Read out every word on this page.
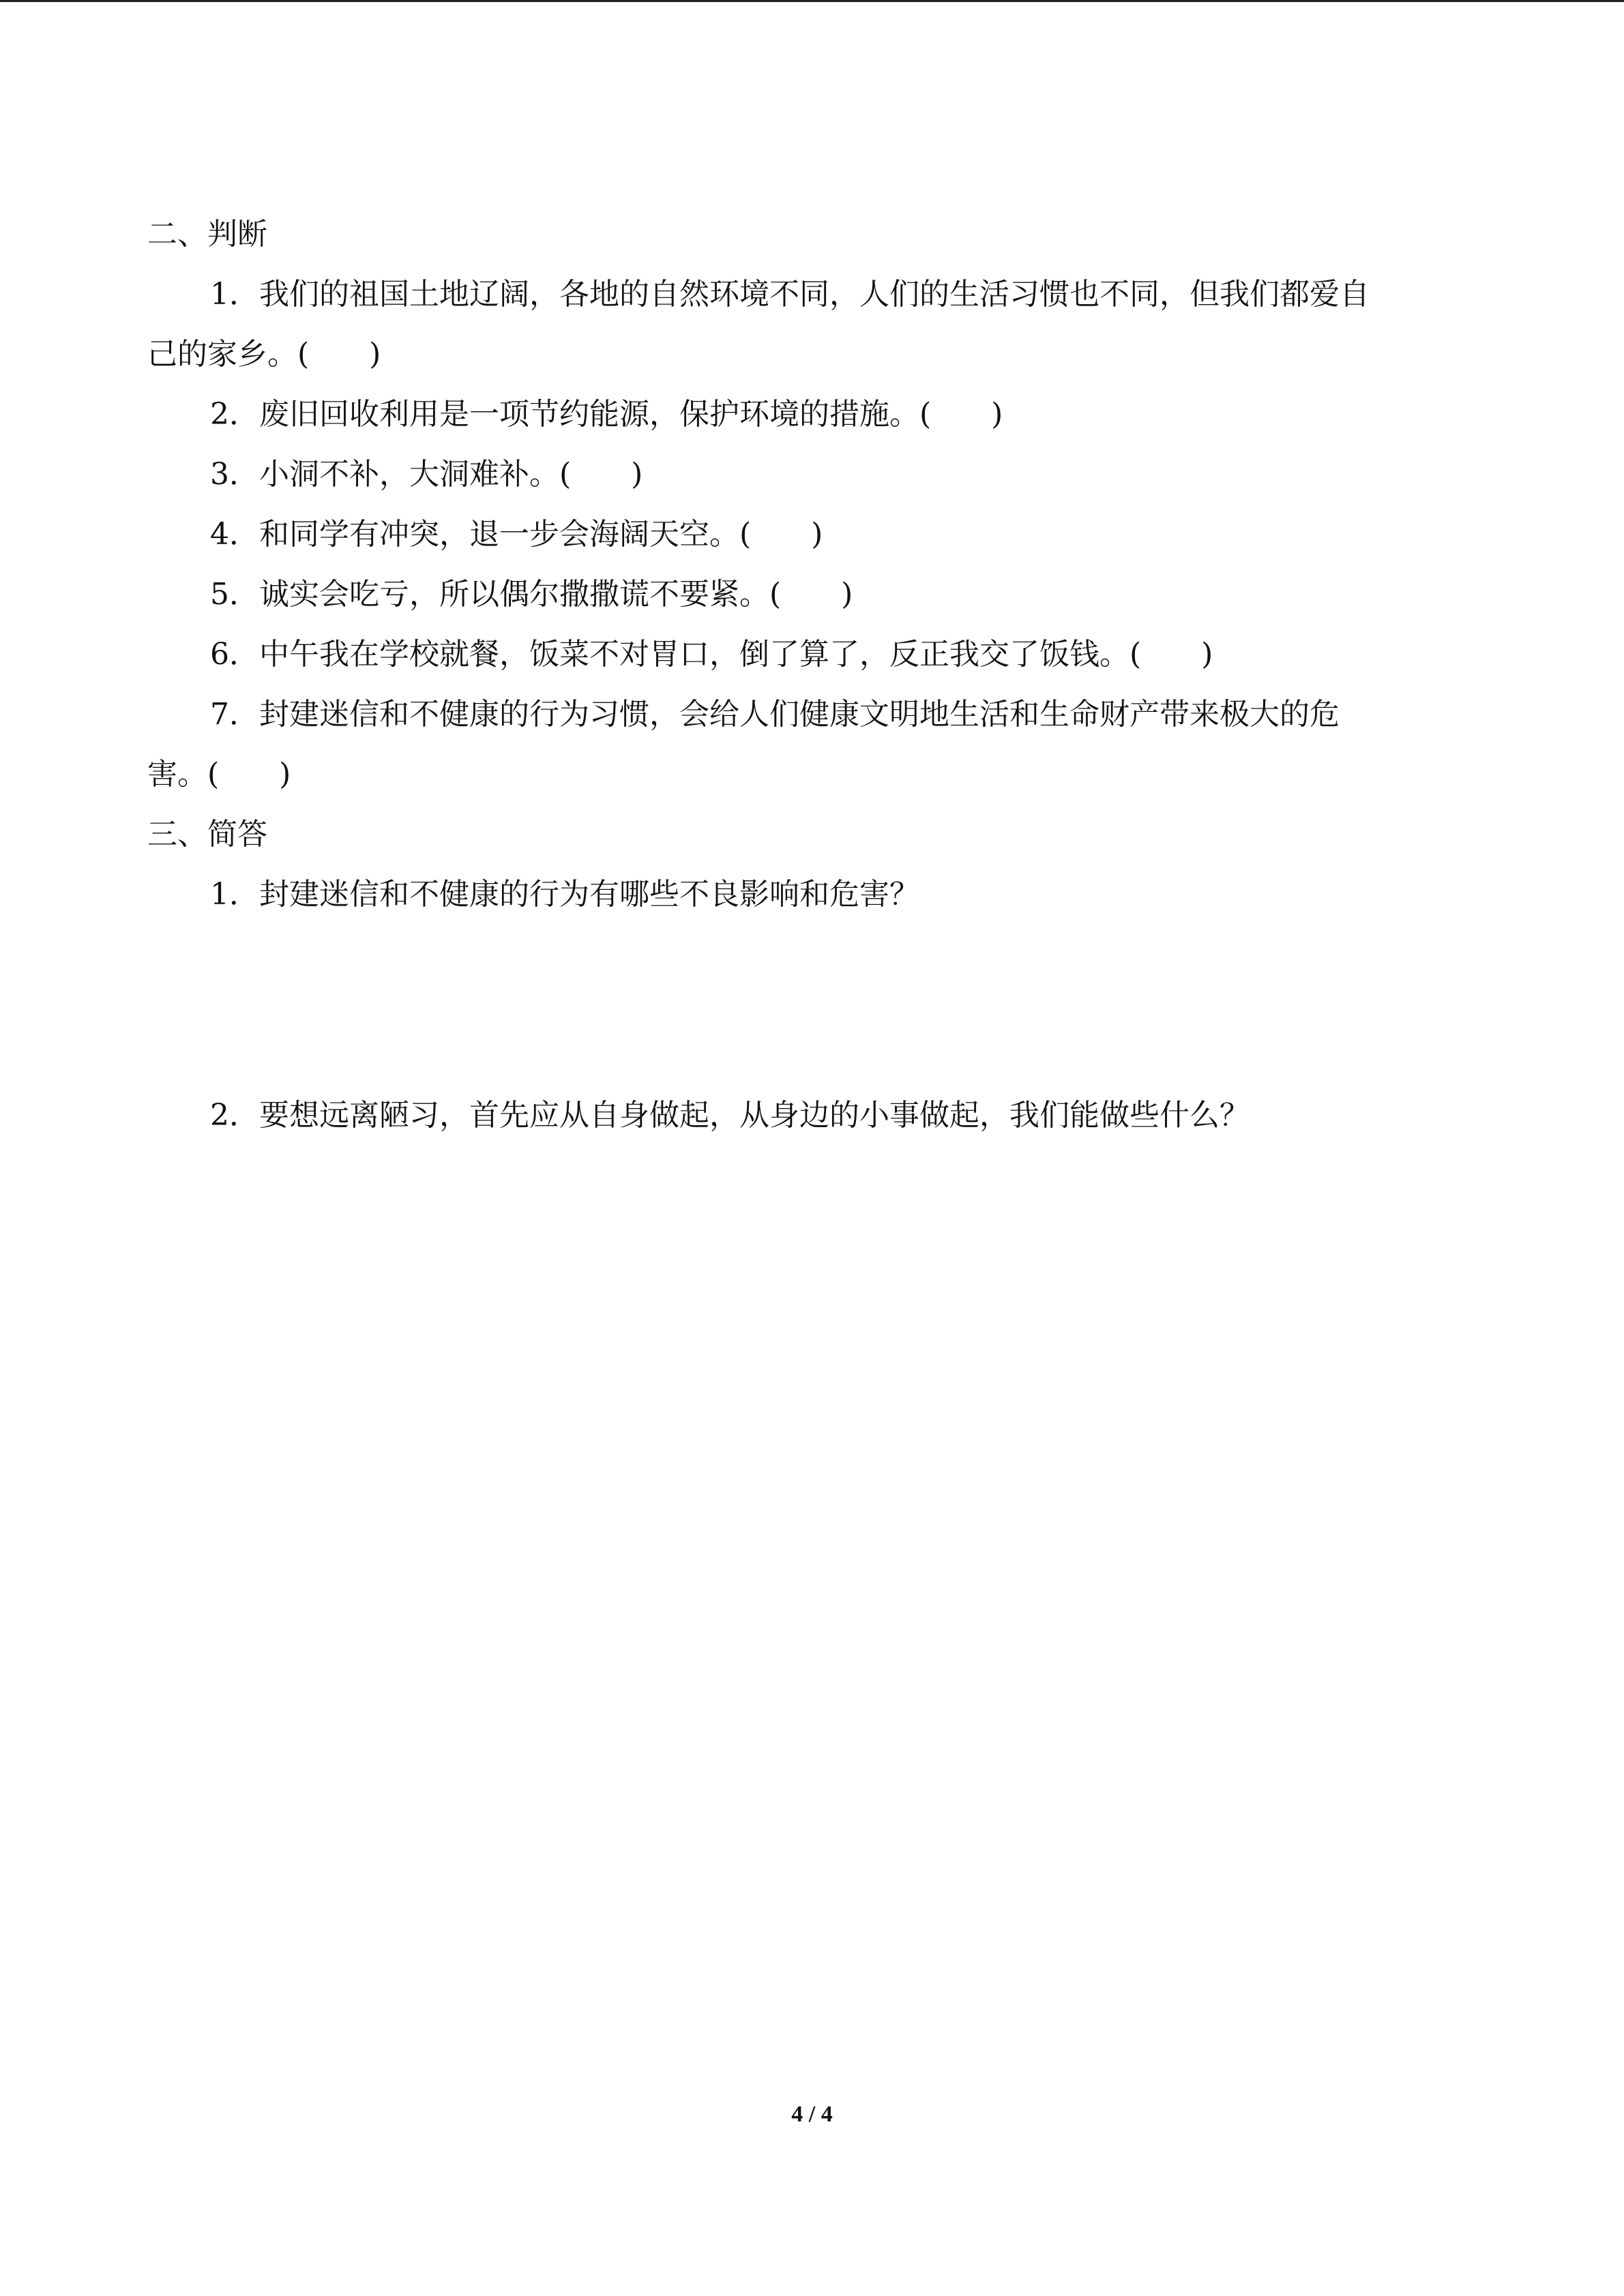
二、判断
1．我们的祖国土地辽阔，各地的自然环境不同，人们的生活习惯也不同，但我们都爱自
己的家乡。(　　)
2．废旧回收利用是一项节约能源，保护环境的措施。(　　)
3．小洞不补，大洞难补。(　　)
4．和同学有冲突，退一步会海阔天空。(　　)
5．诚实会吃亏，所以偶尔撒撒谎不要紧。(　　)
6．中午我在学校就餐，饭菜不对胃口，倒了算了，反正我交了饭钱。(　　)
7．封建迷信和不健康的行为习惯，会给人们健康文明地生活和生命财产带来极大的危
害。(　　)
三、简答
1．封建迷信和不健康的行为有哪些不良影响和危害？
2．要想远离陋习，首先应从自身做起，从身边的小事做起，我们能做些什么？
4 / 4
